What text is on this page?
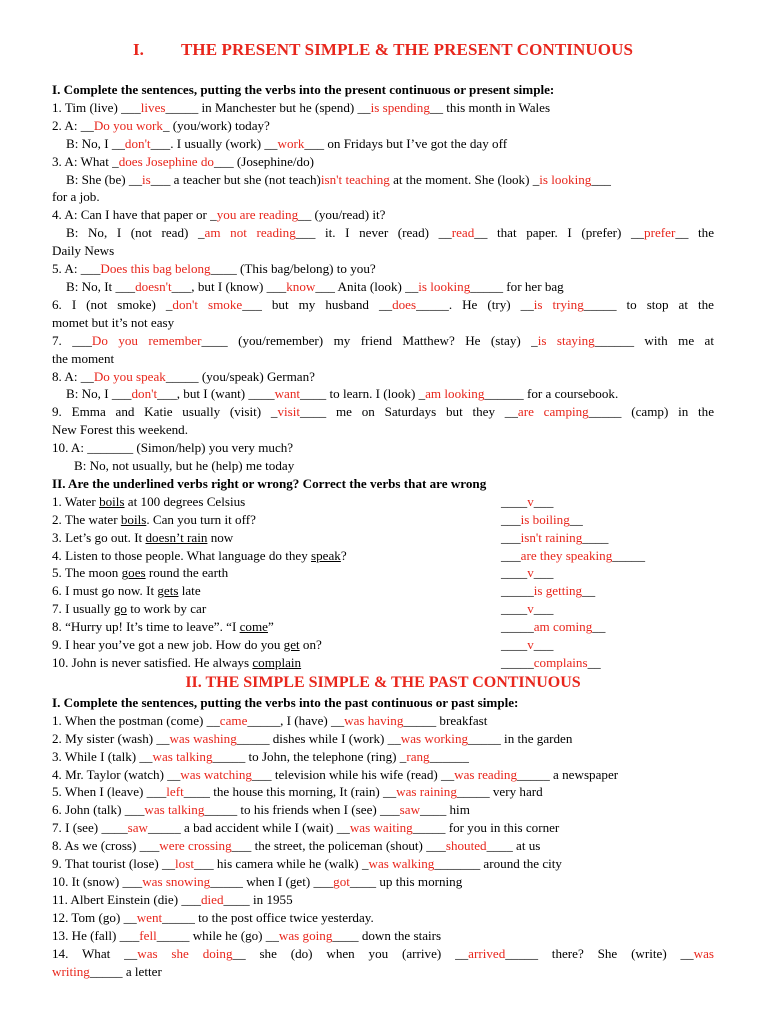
I. THE PRESENT SIMPLE & THE PRESENT CONTINUOUS
I. Complete the sentences, putting the verbs into the present continuous or present simple:
1. Tim (live) ___lives_____ in Manchester but he (spend) __is spending__ this month in Wales
2. A: __Do you work_ (you/work) today?
B: No, I __don't___. I usually (work) __work___ on Fridays but I’ve got the day off
3. A: What _does Josephine do___ (Josephine/do)
B: She (be) __is___ a teacher but she (not teach)isn't teaching at the moment. She (look) _is looking___
for a job.
4. A: Can I have that paper or _you are reading__ (you/read) it?
B: No, I (not read) _am not reading___ it. I never (read) __read__ that paper. I (prefer) __prefer__ the
Daily News
5. A: ___Does this bag belong____ (This bag/belong) to you?
B: No, It ___doesn't___, but I (know) ___know___ Anita (look) __is looking_____ for her bag
6. I (not smoke) _don't smoke___ but my husband __does_____. He (try) __is trying_____ to stop at the
momet but it’s not easy
7. ___Do you remember____ (you/remember) my friend Matthew? He (stay) _is staying______ with me at
the moment
8. A: __Do you speak_____ (you/speak) German?
B: No, I ___don't___, but I (want) ____want____ to learn. I (look) _am looking______ for a coursebook.
9. Emma and Katie usually (visit) _visit____ me on Saturdays but they __are camping_____ (camp) in the
New Forest this weekend.
10. A: _______ (Simon/help) you very much?
B: No, not usually, but he (help) me today
II. Are the underlined verbs right or wrong? Correct the verbs that are wrong
1. Water boils at 100 degrees Celsius	____v___
2. The water boils. Can you turn it off?	___is boiling__
3. Let’s go out. It doesn’t rain now	___isn't raining____
4. Listen to those people. What language do they speak?	___are they speaking_____
5. The moon goes round the earth	____v___
6. I must go now. It gets late	_____is getting__
7. I usually go to work by car	____v___
8. “Hurry up! It’s time to leave”. “I come”	_____am coming__
9. I hear you’ve got a new job. How do you get on?	____v___
10. John is never satisfied. He always complain	_____complains__
II. THE SIMPLE SIMPLE & THE PAST CONTINUOUS
I. Complete the sentences, putting the verbs into the past continuous or past simple:
1. When the postman (come) __came_____, I (have) __was having_____ breakfast
2. My sister (wash) __was washing_____ dishes while I (work) __was working_____ in the garden
3. While I (talk) __was talking_____ to John, the telephone (ring) _rang______
4. Mr. Taylor (watch) __was watching___ television while his wife (read) __was reading_____ a newspaper
5. When I (leave) ___left____ the house this morning, It (rain) __was raining_____ very hard
6. John (talk) ___was talking_____ to his friends when I (see) ___saw____ him
7. I (see) ____saw_____ a bad accident while I (wait) __was waiting_____ for you in this corner
8. As we (cross) ___were crossing___ the street, the policeman (shout) ___shouted____ at us
9. That tourist (lose) __lost___ his camera while he (walk) _was walking_______ around the city
10. It (snow) ___was snowing_____ when I (get) ___got____ up this morning
11. Albert Einstein (die) ___died____ in 1955
12. Tom (go) __went_____ to the post office twice yesterday.
13. He (fall) ___fell_____ while he (go) __was going____ down the stairs
14. What __was she doing__ she (do) when you (arrive) __arrived_____ there? She (write) __was
writing_____ a letter
